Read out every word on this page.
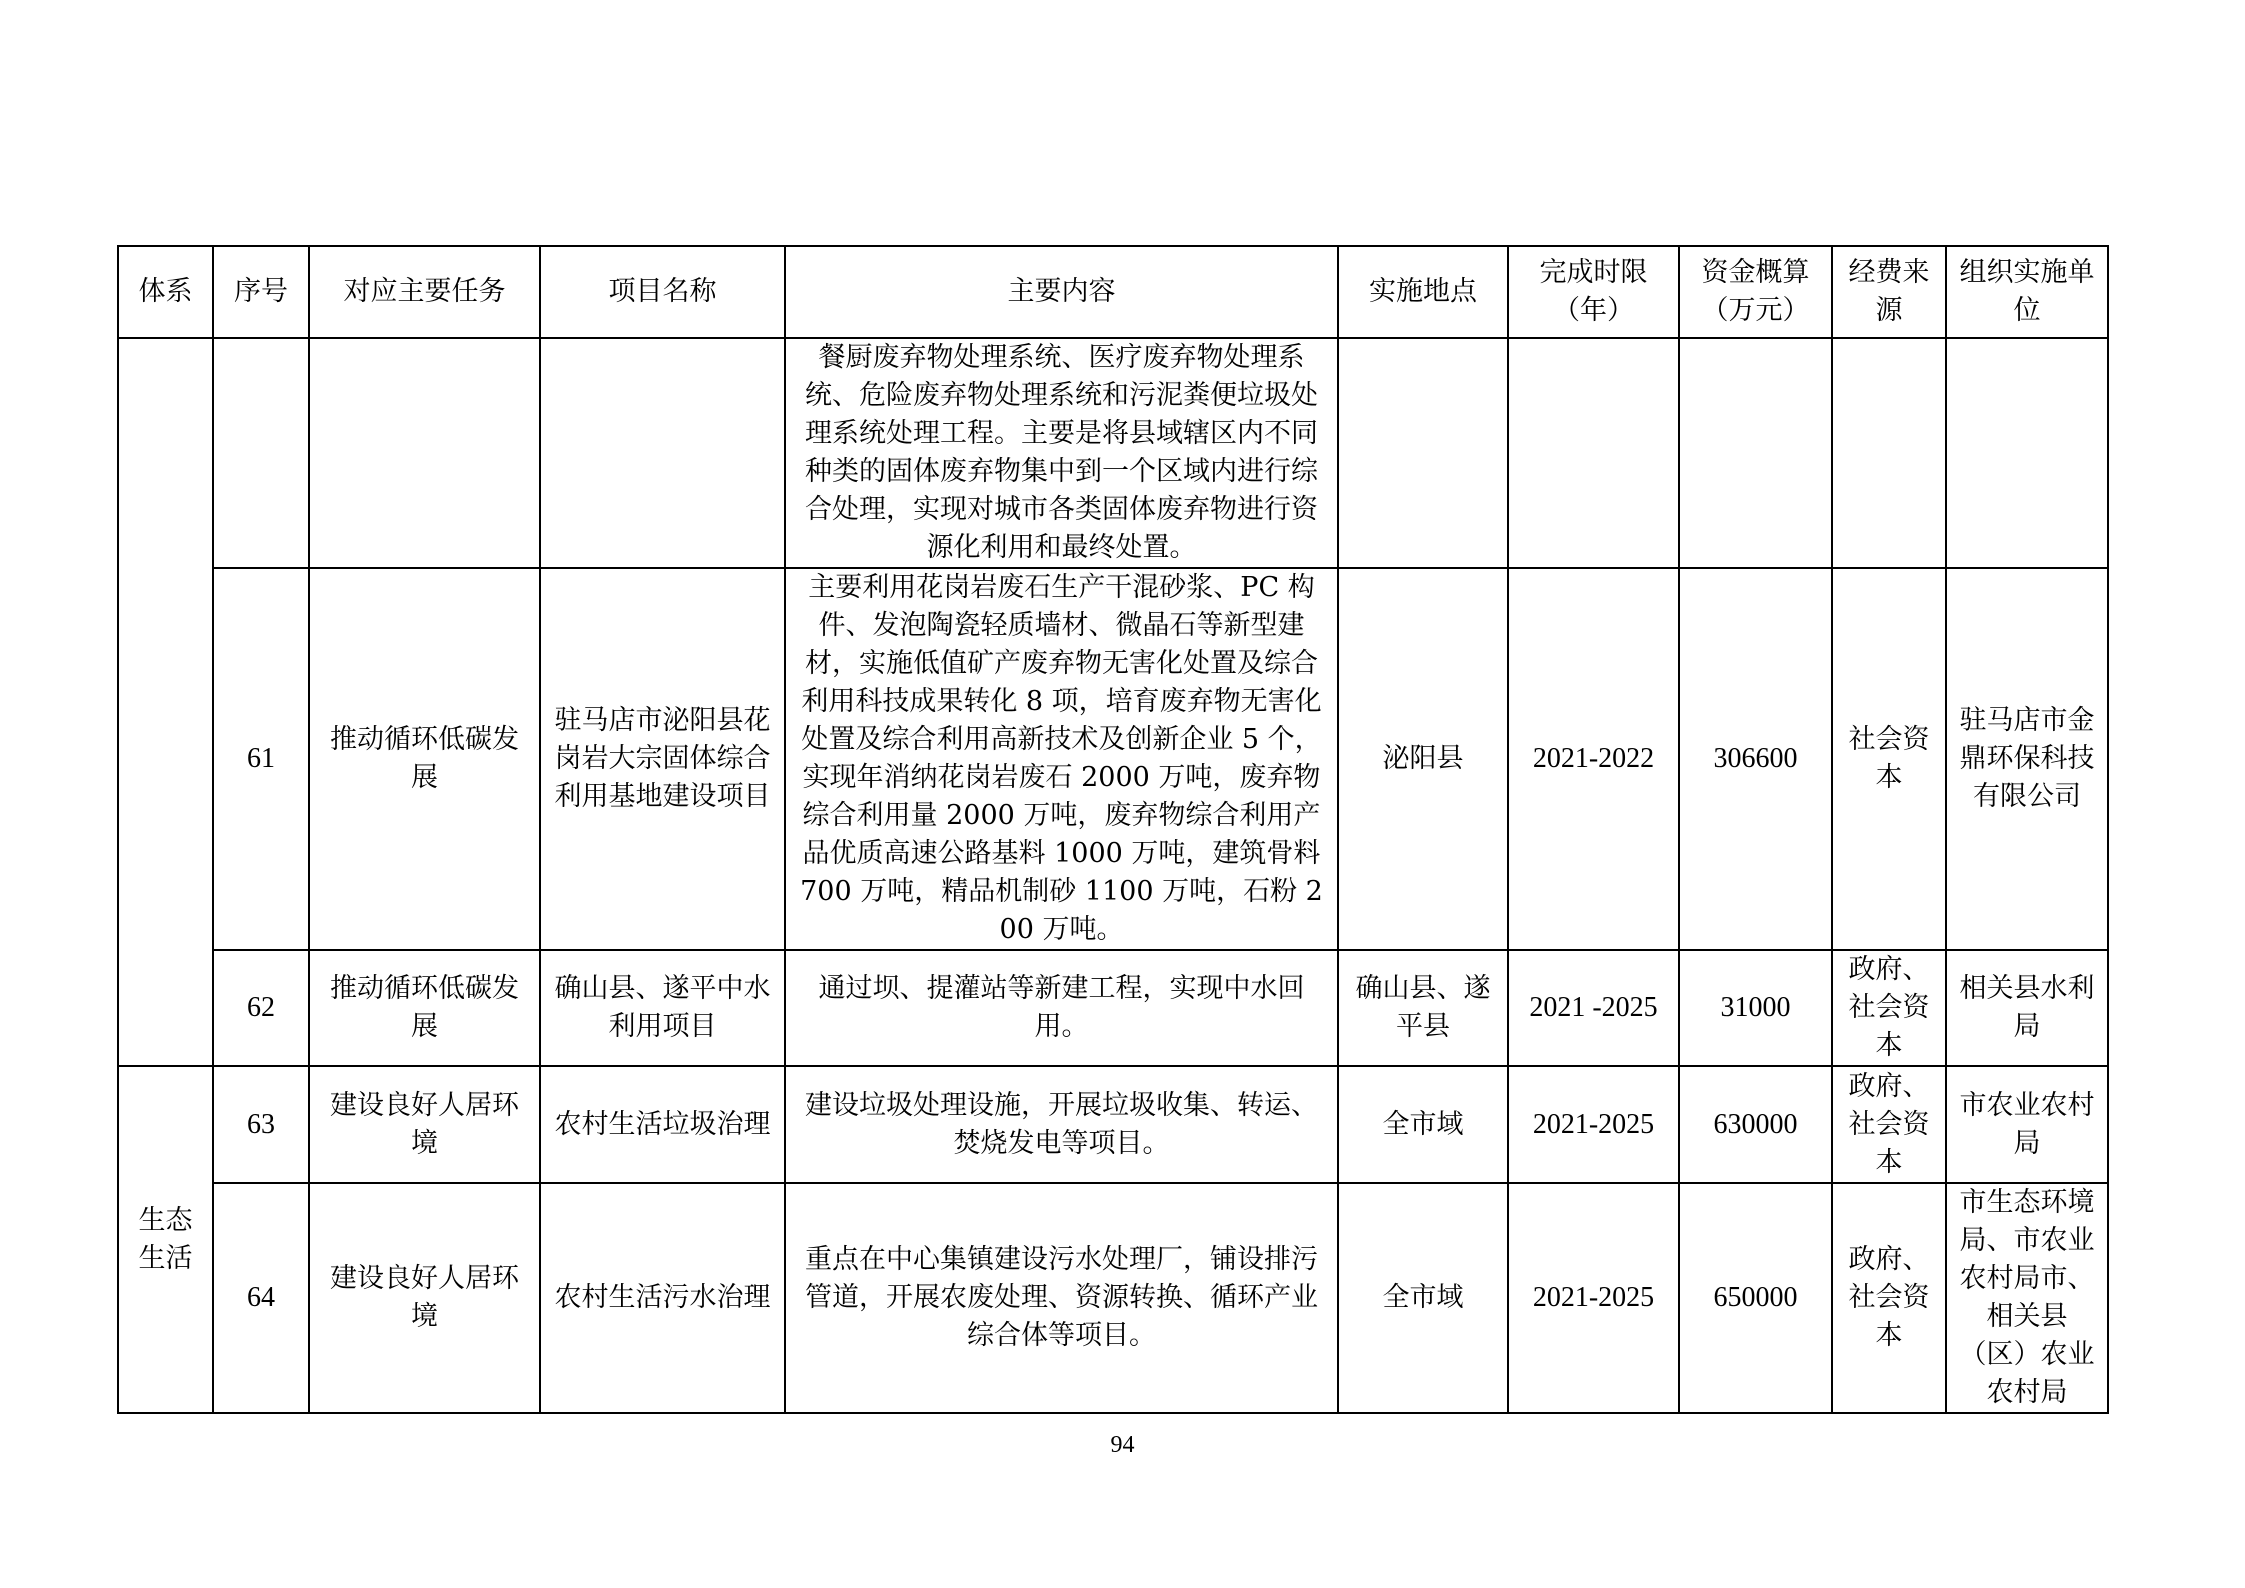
体系	序号	对应主要任务	项目名称	主要内容	实施地点	完成时限（年）	资金概算（万元）	经费来源	组织实施单位
				餐厨废弃物处理系统、医疗废弃物处理系统、危险废弃物处理系统和污泥粪便垃圾处理系统处理工程。主要是将县域辖区内不同种类的固体废弃物集中到一个区域内进行综合处理，实现对城市各类固体废弃物进行资源化利用和最终处置。					
	61	推动循环低碳发展	驻马店市泌阳县花岗岩大宗固体综合利用基地建设项目	主要利用花岗岩废石生产干混砂浆、PC 构件、发泡陶瓷轻质墙材、微晶石等新型建材，实施低值矿产废弃物无害化处置及综合利用科技成果转化 8 项，培育废弃物无害化处置及综合利用高新技术及创新企业 5 个，实现年消纳花岗岩废石 2000 万吨，废弃物综合利用量 2000 万吨，废弃物综合利用产品优质高速公路基料 1000 万吨，建筑骨料 700 万吨，精品机制砂 1100 万吨，石粉 200 万吨。	泌阳县	2021-2022	306600	社会资本	驻马店市金鼎环保科技有限公司
	62	推动循环低碳发展	确山县、遂平中水利用项目	通过坝、提灌站等新建工程，实现中水回用。	确山县、遂平县	2021 -2025	31000	政府、社会资本	相关县水利局
生态生活	63	建设良好人居环境	农村生活垃圾治理	建设垃圾处理设施，开展垃圾收集、转运、焚烧发电等项目。	全市域	2021-2025	630000	政府、社会资本	市农业农村局
	64	建设良好人居环境	农村生活污水治理	重点在中心集镇建设污水处理厂，铺设排污管道，开展农废处理、资源转换、循环产业综合体等项目。	全市域	2021-2025	650000	政府、社会资本	市生态环境局、市农业农村局市、相关县（区）农业农村局
94
